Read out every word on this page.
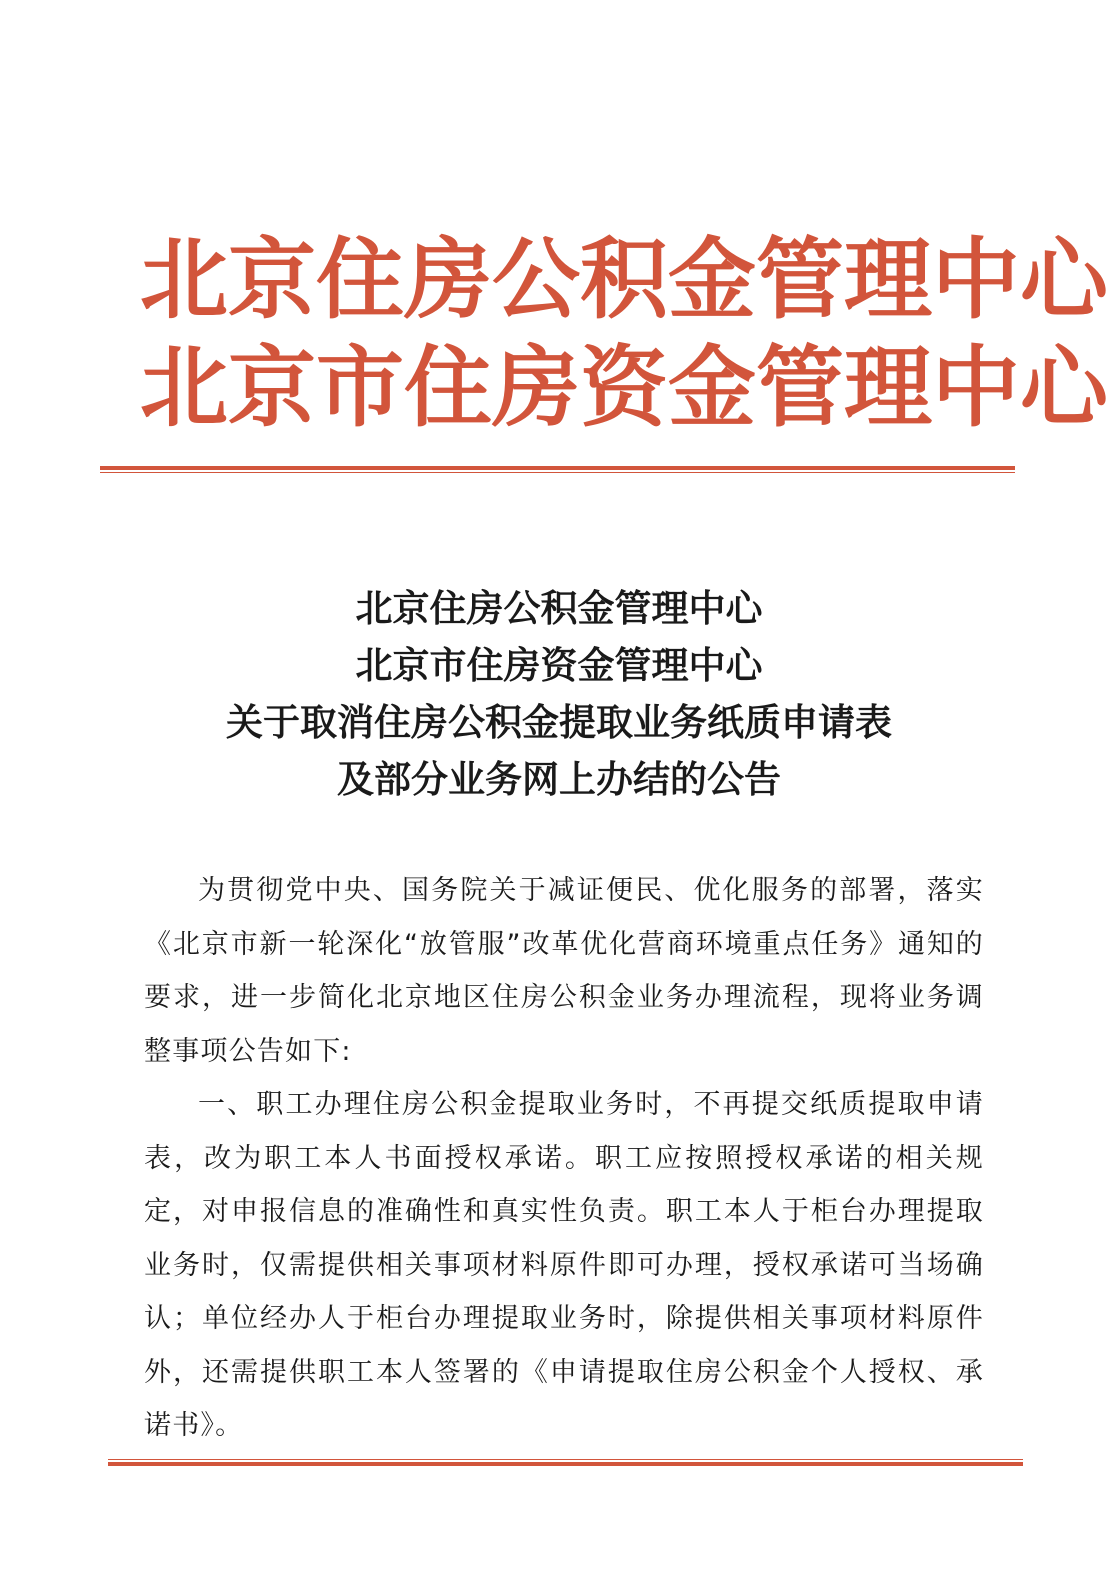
北京住房公积金管理中心
北京市住房资金管理中心
北京住房公积金管理中心
北京市住房资金管理中心
关于取消住房公积金提取业务纸质申请表
及部分业务网上办结的公告

为贯彻党中央、国务院关于减证便民、优化服务的部署，落实《北京市新一轮深化“放管服”改革优化营商环境重点任务》通知的要求，进一步简化北京地区住房公积金业务办理流程，现将业务调整事项公告如下:

一、职工办理住房公积金提取业务时，不再提交纸质提取申请表，改为职工本人书面授权承诺。职工应按照授权承诺的相关规定，对申报信息的准确性和真实性负责。职工本人于柜台办理提取业务时，仅需提供相关事项材料原件即可办理，授权承诺可当场确认；单位经办人于柜台办理提取业务时，除提供相关事项材料原件外，还需提供职工本人签署的《申请提取住房公积金个人授权、承诺书》。
